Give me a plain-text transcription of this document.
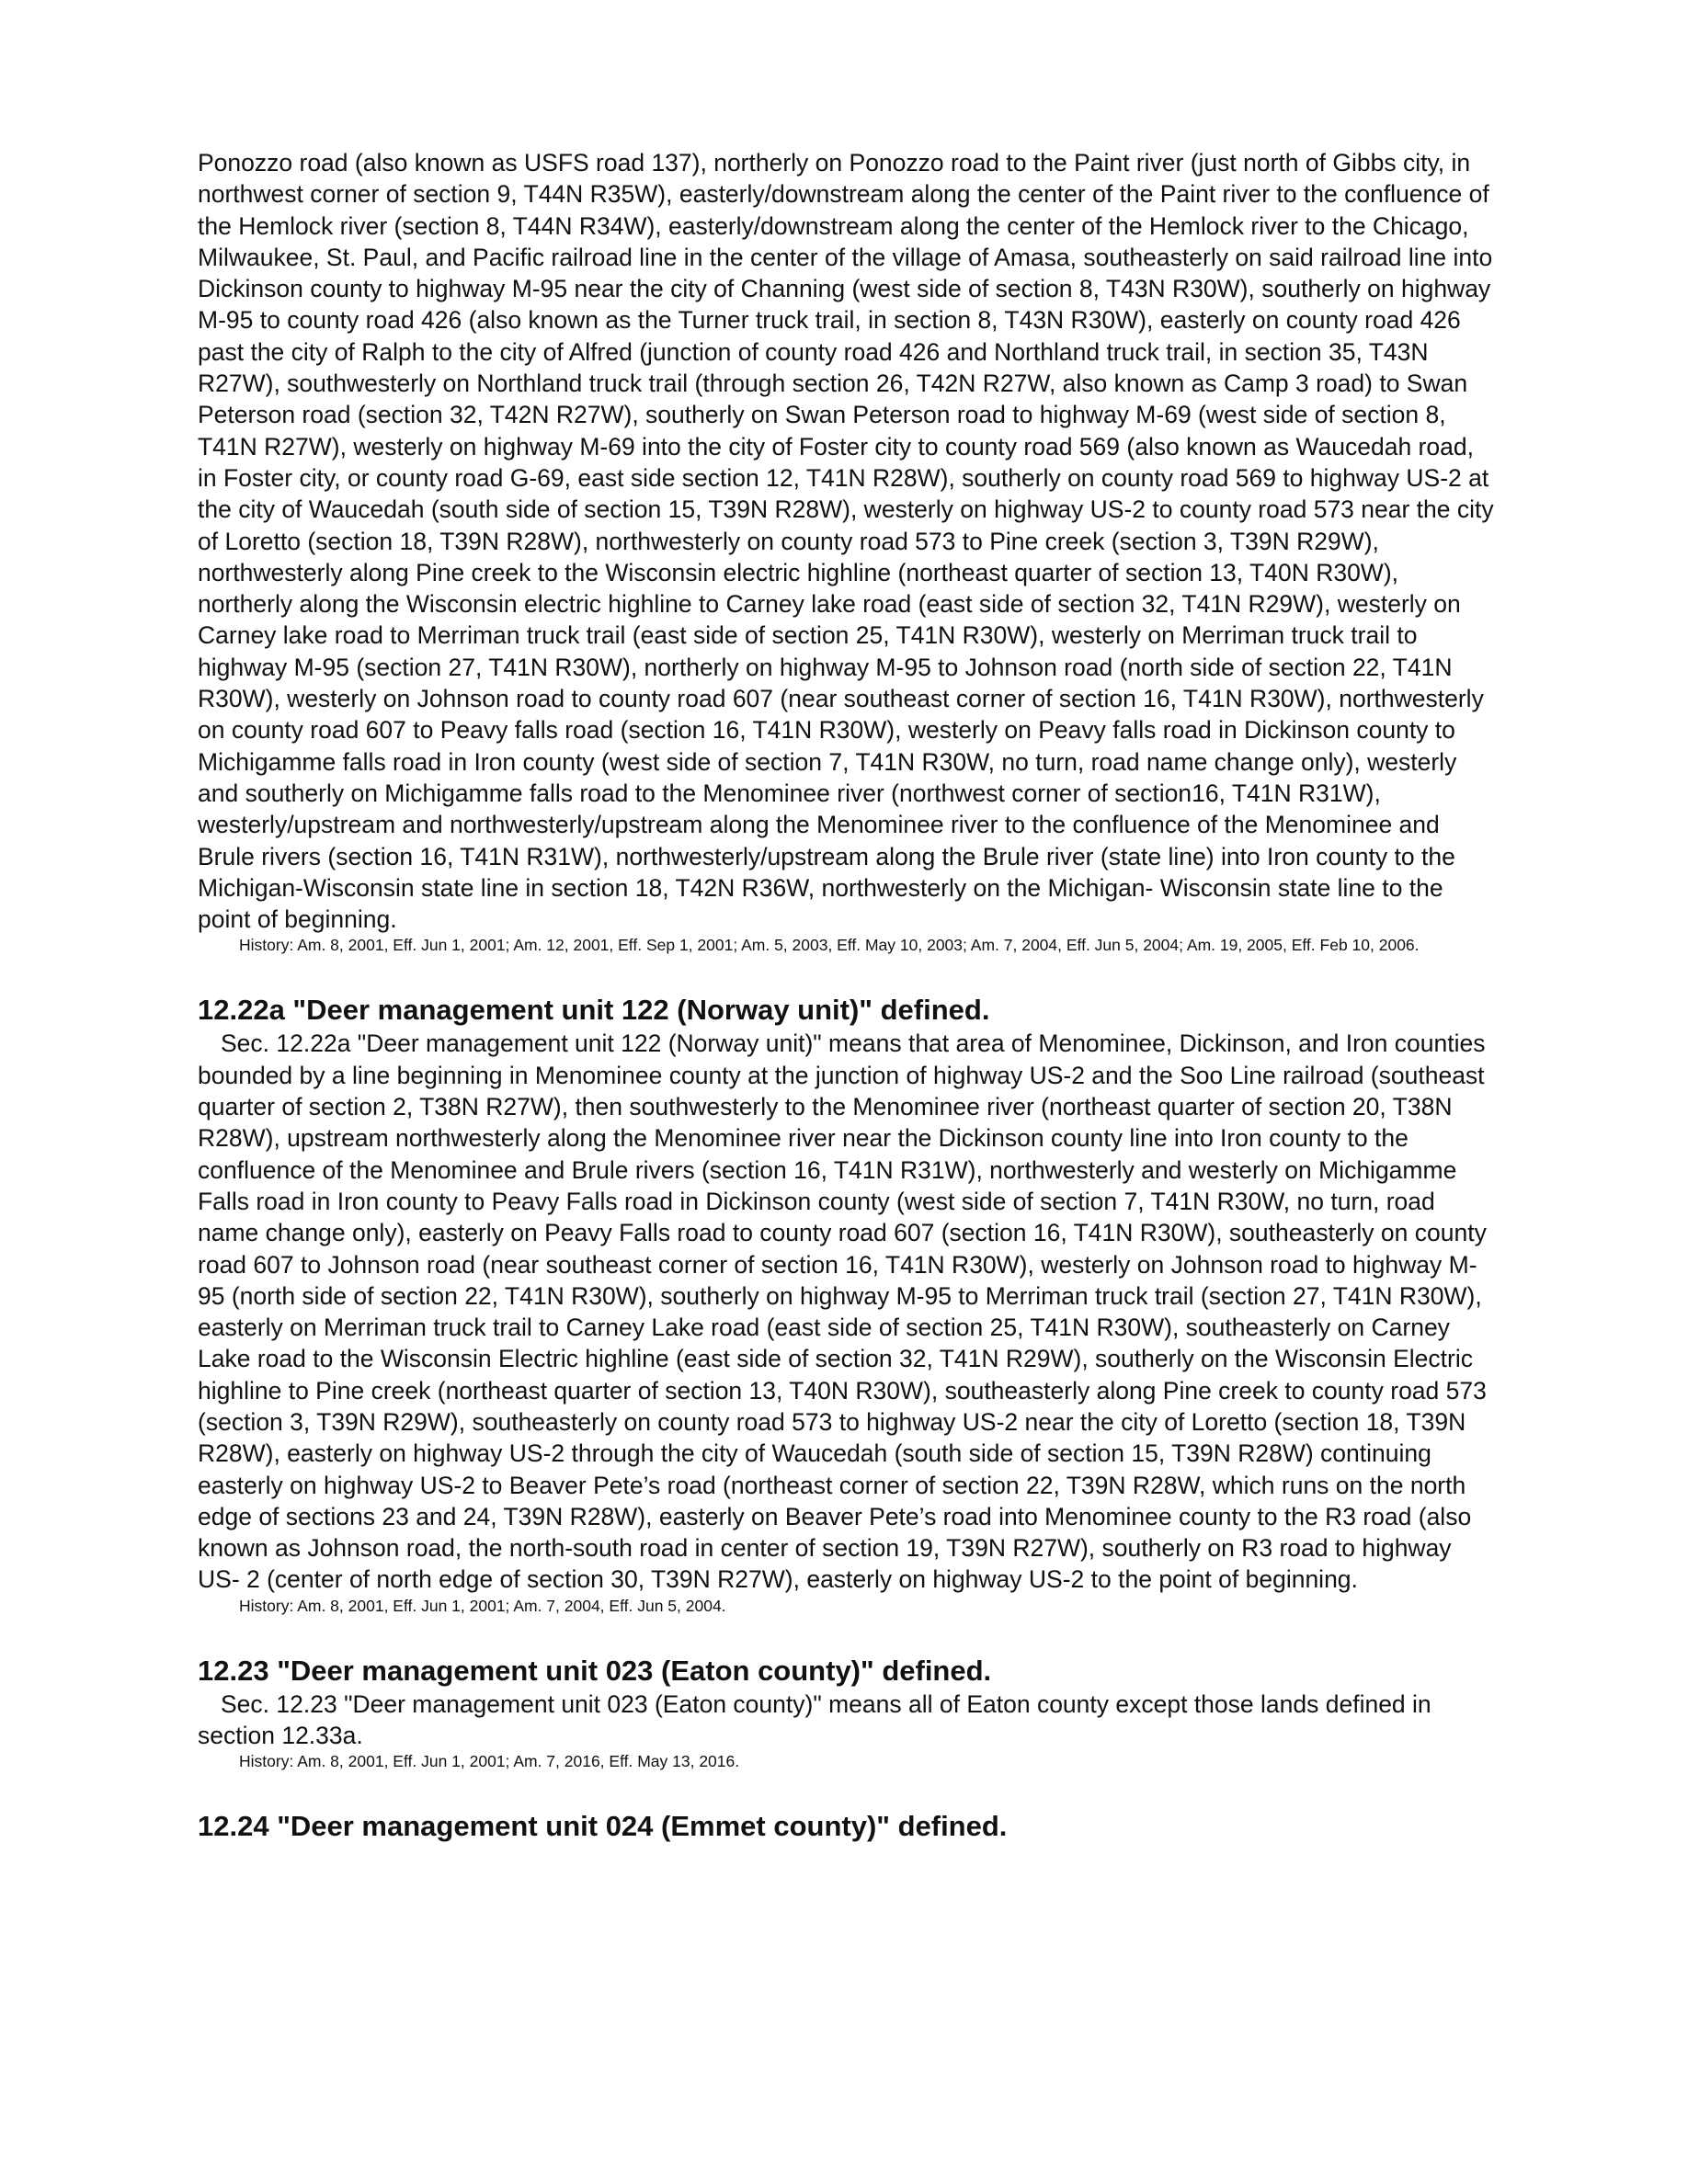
Ponozzo road (also known as USFS road 137), northerly on Ponozzo road to the Paint river (just north of Gibbs city, in northwest corner of section 9, T44N R35W), easterly/downstream along the center of the Paint river to the confluence of the Hemlock river (section 8, T44N R34W), easterly/downstream along the center of the Hemlock river to the Chicago, Milwaukee, St. Paul, and Pacific railroad line in the center of the village of Amasa, southeasterly on said railroad line into Dickinson county to highway M-95 near the city of Channing (west side of section 8, T43N R30W), southerly on highway M-95 to county road 426 (also known as the Turner truck trail, in section 8, T43N R30W), easterly on county road 426 past the city of Ralph to the city of Alfred (junction of county road 426 and Northland truck trail, in section 35, T43N R27W), southwesterly on Northland truck trail (through section 26, T42N R27W, also known as Camp 3 road) to Swan Peterson road (section 32, T42N R27W), southerly on Swan Peterson road to highway M-69 (west side of section 8, T41N R27W), westerly on highway M-69 into the city of Foster city to county road 569 (also known as Waucedah road, in Foster city, or county road G-69, east side section 12, T41N R28W), southerly on county road 569 to highway US-2 at the city of Waucedah (south side of section 15, T39N R28W), westerly on highway US-2 to county road 573 near the city of Loretto (section 18, T39N R28W), northwesterly on county road 573 to Pine creek (section 3, T39N R29W), northwesterly along Pine creek to the Wisconsin electric highline (northeast quarter of section 13, T40N R30W), northerly along the Wisconsin electric highline to Carney lake road (east side of section 32, T41N R29W), westerly on Carney lake road to Merriman truck trail (east side of section 25, T41N R30W), westerly on Merriman truck trail to highway M-95 (section 27, T41N R30W), northerly on highway M-95 to Johnson road (north side of section 22, T41N R30W), westerly on Johnson road to county road 607 (near southeast corner of section 16, T41N R30W), northwesterly on county road 607 to Peavy falls road (section 16, T41N R30W), westerly on Peavy falls road in Dickinson county to Michigamme falls road in Iron county (west side of section 7, T41N R30W, no turn, road name change only), westerly and southerly on Michigamme falls road to the Menominee river (northwest corner of section16, T41N R31W), westerly/upstream and northwesterly/upstream along the Menominee river to the confluence of the Menominee and Brule rivers (section 16, T41N R31W), northwesterly/upstream along the Brule river (state line) into Iron county to the Michigan-Wisconsin state line in section 18, T42N R36W, northwesterly on the Michigan- Wisconsin state line to the point of beginning.

History: Am. 8, 2001, Eff. Jun 1, 2001; Am. 12, 2001, Eff. Sep 1, 2001; Am. 5, 2003, Eff. May 10, 2003; Am. 7, 2004, Eff. Jun 5, 2004; Am. 19, 2005, Eff. Feb 10, 2006.

12.22a "Deer management unit 122 (Norway unit)" defined.

Sec. 12.22a "Deer management unit 122 (Norway unit)" means that area of Menominee, Dickinson, and Iron counties bounded by a line beginning in Menominee county at the junction of highway US-2 and the Soo Line railroad (southeast quarter of section 2, T38N R27W), then southwesterly to the Menominee river (northeast quarter of section 20, T38N R28W), upstream northwesterly along the Menominee river near the Dickinson county line into Iron county to the confluence of the Menominee and Brule rivers (section 16, T41N R31W), northwesterly and westerly on Michigamme Falls road in Iron county to Peavy Falls road in Dickinson county (west side of section 7, T41N R30W, no turn, road name change only), easterly on Peavy Falls road to county road 607 (section 16, T41N R30W), southeasterly on county road 607 to Johnson road (near southeast corner of section 16, T41N R30W), westerly on Johnson road to highway M-95 (north side of section 22, T41N R30W), southerly on highway M-95 to Merriman truck trail (section 27, T41N R30W), easterly on Merriman truck trail to Carney Lake road (east side of section 25, T41N R30W), southeasterly on Carney Lake road to the Wisconsin Electric highline (east side of section 32, T41N R29W), southerly on the Wisconsin Electric highline to Pine creek (northeast quarter of section 13, T40N R30W), southeasterly along Pine creek to county road 573 (section 3, T39N R29W), southeasterly on county road 573 to highway US-2 near the city of Loretto (section 18, T39N R28W), easterly on highway US-2 through the city of Waucedah (south side of section 15, T39N R28W) continuing easterly on highway US-2 to Beaver Pete’s road (northeast corner of section 22, T39N R28W, which runs on the north edge of sections 23 and 24, T39N R28W), easterly on Beaver Pete’s road into Menominee county to the R3 road (also known as Johnson road, the north-south road in center of section 19, T39N R27W), southerly on R3 road to highway US- 2 (center of north edge of section 30, T39N R27W), easterly on highway US-2 to the point of beginning.

History: Am. 8, 2001, Eff. Jun 1, 2001; Am. 7, 2004, Eff. Jun 5, 2004.

12.23 "Deer management unit 023 (Eaton county)" defined.

Sec. 12.23 "Deer management unit 023 (Eaton county)" means all of Eaton county except those lands defined in section 12.33a.

History: Am. 8, 2001, Eff. Jun 1, 2001; Am. 7, 2016, Eff. May 13, 2016.

12.24 "Deer management unit 024 (Emmet county)" defined.
